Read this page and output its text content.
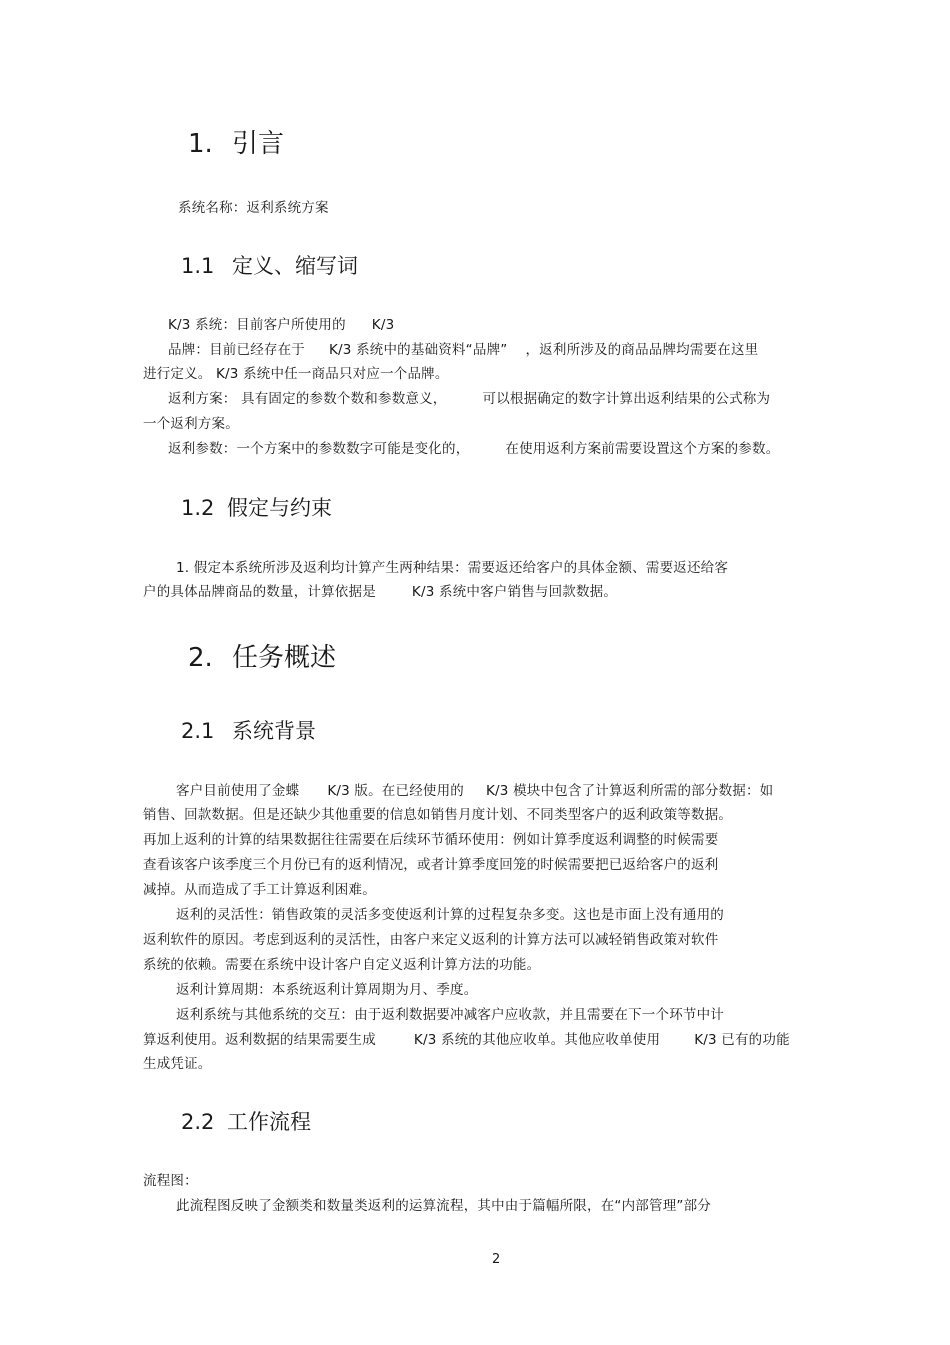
1. 引言
系统名称：返利系统方案
1.1 定义、缩写词
K/3 系统：目前客户所使用的 K/3
品牌：目前已经存在于 K/3 系统中的基础资料“品牌” ，返利所涉及的商品品牌均需要在这里
进行定义。 K/3 系统中任一商品只对应一个品牌。
返利方案： 具有固定的参数个数和参数意义，	可以根据确定的数字计算出返利结果的公式称为
一个返利方案。
返利参数：一个方案中的参数数字可能是变化的，	在使用返利方案前需要设置这个方案的参数。
1.2 假定与约束
1. 假定本系统所涉及返利均计算产生两种结果：需要返还给客户的具体金额、需要返还给客
户的具体品牌商品的数量，计算依据是	K/3 系统中客户销售与回款数据。
2. 任务概述
2.1 系统背景
客户目前使用了金蝶 K/3 版。在已经使用的 K/3 模块中包含了计算返利所需的部分数据：如
销售、回款数据。但是还缺少其他重要的信息如销售月度计划、不同类型客户的返利政策等数据。
再加上返利的计算的结果数据往往需要在后续环节循环使用：例如计算季度返利调整的时候需要
查看该客户该季度三个月份已有的返利情况，或者计算季度回笼的时候需要把已返给客户的返利
减掉。从而造成了手工计算返利困难。
返利的灵活性：销售政策的灵活多变使返利计算的过程复杂多变。这也是市面上没有通用的
返利软件的原因。考虑到返利的灵活性，由客户来定义返利的计算方法可以减轻销售政策对软件
系统的依赖。需要在系统中设计客户自定义返利计算方法的功能。
返利计算周期：本系统返利计算周期为月、季度。
返利系统与其他系统的交互：由于返利数据要冲减客户应收款，并且需要在下一个环节中计
算返利使用。返利数据的结果需要生成	K/3 系统的其他应收单。其他应收单使用	K/3 已有的功能
生成凭证。
2.2 工作流程
流程图：
此流程图反映了金额类和数量类返利的运算流程，其中由于篇幅所限，在“内部管理”部分
2
